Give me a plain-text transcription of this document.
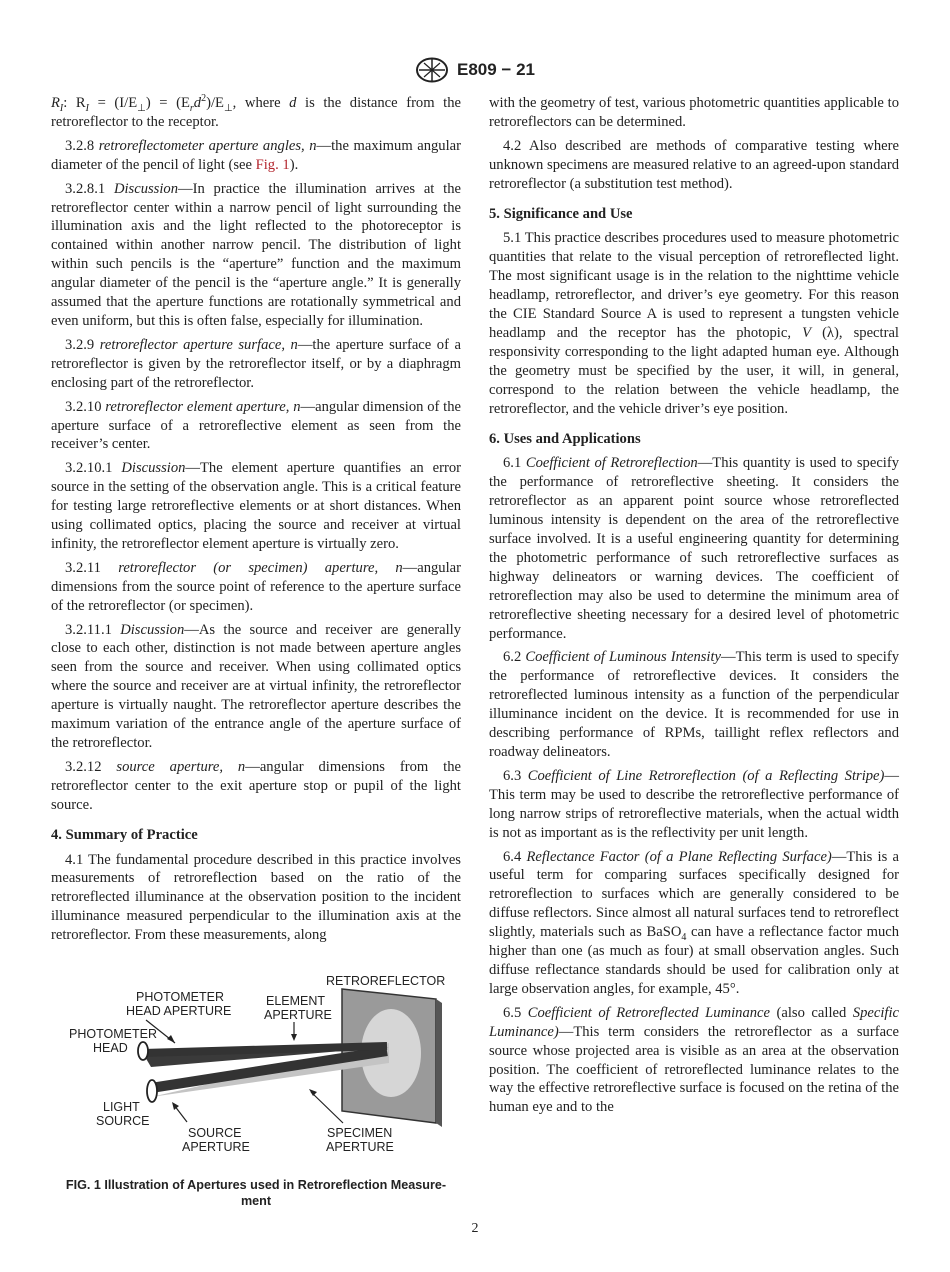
E809 − 21

$R_I$: $R_I = (I/E_\perp) = (E_rd^2)/E_\perp$, where d is the distance from the retroreflector to the receptor.

3.2.8 retroreflectometer aperture angles, n—the maximum angular diameter of the pencil of light (see Fig. 1).

3.2.8.1 Discussion—In practice the illumination arrives at the retroreflector center within a narrow pencil of light surrounding the illumination axis and the light reflected to the photoreceptor is contained within another narrow pencil. The distribution of light within such pencils is the “aperture” function and the maximum angular diameter of the pencil is the “aperture angle.” It is generally assumed that the aperture functions are rotationally symmetrical and even uniform, but this is often false, especially for illumination.

3.2.9 retroreflector aperture surface, n—the aperture surface of a retroreflector is given by the retroreflector itself, or by a diaphragm enclosing part of the retroreflector.

3.2.10 retroreflector element aperture, n—angular dimension of the aperture surface of a retroreflective element as seen from the receiver’s center.

3.2.10.1 Discussion—The element aperture quantifies an error source in the setting of the observation angle. This is a critical feature for testing large retroreflective elements or at short distances. When using collimated optics, placing the source and receiver at virtual infinity, the retroreflector element aperture is virtually zero.

3.2.11 retroreflector (or specimen) aperture, n—angular dimensions from the source point of reference to the aperture surface of the retroreflector (or specimen).

3.2.11.1 Discussion—As the source and receiver are generally close to each other, distinction is not made between aperture angles seen from the source and receiver. When using collimated optics where the source and receiver are at virtual infinity, the retroreflector aperture is virtually naught. The retroreflector aperture describes the maximum variation of the entrance angle of the aperture surface of the retroreflector.

3.2.12 source aperture, n—angular dimensions from the retroreflector center to the exit aperture stop or pupil of the light source.

4. Summary of Practice

4.1 The fundamental procedure described in this practice involves measurements of retroreflection based on the ratio of the retroreflected illuminance at the observation position to the incident illuminance measured perpendicular to the illumination axis at the retroreflector. From these measurements, along

RETROREFLECTOR
PHOTOMETER
HEAD APERTURE
ELEMENT
APERTURE
PHOTOMETER
HEAD
LIGHT
SOURCE
SOURCE
APERTURE
SPECIMEN
APERTURE
FIG. 1 Illustration of Apertures used in Retroreflection Measure-
ment

with the geometry of test, various photometric quantities applicable to retroreflectors can be determined.

4.2 Also described are methods of comparative testing where unknown specimens are measured relative to an agreed-upon standard retroreflector (a substitution test method).

5. Significance and Use

5.1 This practice describes procedures used to measure photometric quantities that relate to the visual perception of retroreflected light. The most significant usage is in the relation to the nighttime vehicle headlamp, retroreflector, and driver’s eye geometry. For this reason the CIE Standard Source A is used to represent a tungsten vehicle headlamp and the receptor has the photopic, V (λ), spectral responsivity corresponding to the light adapted human eye. Although the geometry must be specified by the user, it will, in general, correspond to the relation between the vehicle headlamp, the retroreflector, and the vehicle driver’s eye position.

6. Uses and Applications

6.1 Coefficient of Retroreflection—This quantity is used to specify the performance of retroreflective sheeting. It considers the retroreflector as an apparent point source whose retroreflected luminous intensity is dependent on the area of the retroreflective surface involved. It is a useful engineering quantity for determining the photometric performance of such retroreflective surfaces as highway delineators or warning devices. The coefficient of retroreflection may also be used to determine the minimum area of retroreflective sheeting necessary for a desired level of photometric performance.

6.2 Coefficient of Luminous Intensity—This term is used to specify the performance of retroreflective devices. It considers the retroreflected luminous intensity as a function of the perpendicular illuminance incident on the device. It is recommended for use in describing performance of RPMs, taillight reflex reflectors and roadway delineators.

6.3 Coefficient of Line Retroreflection (of a Reflecting Stripe)—This term may be used to describe the retroreflective performance of long narrow strips of retroreflective materials, when the actual width is not as important as is the reflectivity per unit length.

6.4 Reflectance Factor (of a Plane Reflecting Surface)—This is a useful term for comparing surfaces specifically designed for retroreflection to surfaces which are generally considered to be diffuse reflectors. Since almost all natural surfaces tend to retroreflect slightly, materials such as BaSO$_4$ can have a reflectance factor much higher than one (as much as four) at small observation angles. Such diffuse reflectance standards should be used for calibration only at large observation angles, for example, 45°.

6.5 Coefficient of Retroreflected Luminance (also called Specific Luminance)—This term considers the retroreflector as a surface source whose projected area is visible as an area at the observation position. The coefficient of retroreflected luminance relates to the way the effective retroreflective surface is focused on the retina of the human eye and to the

2
